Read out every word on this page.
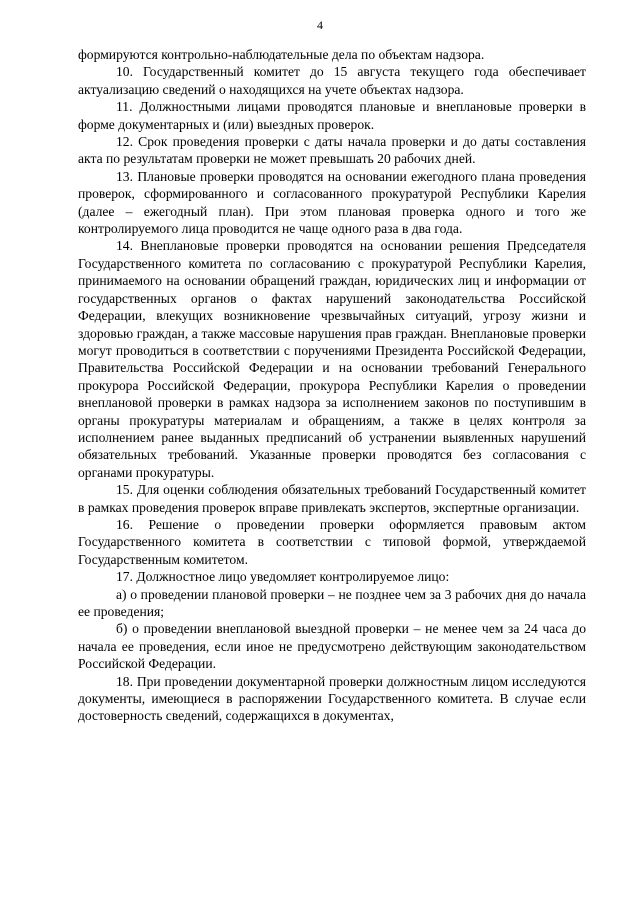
4

формируются контрольно-наблюдательные дела по объектам надзора.

10. Государственный комитет до 15 августа текущего года обеспечивает актуализацию сведений о находящихся на учете объектах надзора.

11. Должностными лицами проводятся плановые и внеплановые проверки в форме документарных и (или) выездных проверок.

12. Срок проведения проверки с даты начала проверки и до даты составления акта по результатам проверки не может превышать 20 рабочих дней.

13. Плановые проверки проводятся на основании ежегодного плана проведения проверок, сформированного и согласованного прокуратурой Республики Карелия (далее – ежегодный план). При этом плановая проверка одного и того же контролируемого лица проводится не чаще одного раза в два года.

14. Внеплановые проверки проводятся на основании решения Председателя Государственного комитета по согласованию с прокуратурой Республики Карелия, принимаемого на основании обращений граждан, юридических лиц и информации от государственных органов о фактах нарушений законодательства Российской Федерации, влекущих возникновение чрезвычайных ситуаций, угрозу жизни и здоровью граждан, а также массовые нарушения прав граждан. Внеплановые проверки могут проводиться в соответствии с поручениями Президента Российской Федерации, Правительства Российской Федерации и на основании требований Генерального прокурора Российской Федерации, прокурора Республики Карелия о проведении внеплановой проверки в рамках надзора за исполнением законов по поступившим в органы прокуратуры материалам и обращениям, а также в целях контроля за исполнением ранее выданных предписаний об устранении выявленных нарушений обязательных требований. Указанные проверки проводятся без согласования с органами прокуратуры.

15. Для оценки соблюдения обязательных требований Государственный комитет в рамках проведения проверок вправе привлекать экспертов, экспертные организации.

16. Решение о проведении проверки оформляется правовым актом Государственного комитета в соответствии с типовой формой, утверждаемой Государственным комитетом.

17. Должностное лицо уведомляет контролируемое лицо:

а) о проведении плановой проверки – не позднее чем за 3 рабочих дня до начала ее проведения;

б) о проведении внеплановой выездной проверки – не менее чем за 24 часа до начала ее проведения, если иное не предусмотрено действующим законодательством Российской Федерации.

18. При проведении документарной проверки должностным лицом исследуются документы, имеющиеся в распоряжении Государственного комитета. В случае если достоверность сведений, содержащихся в документах,
